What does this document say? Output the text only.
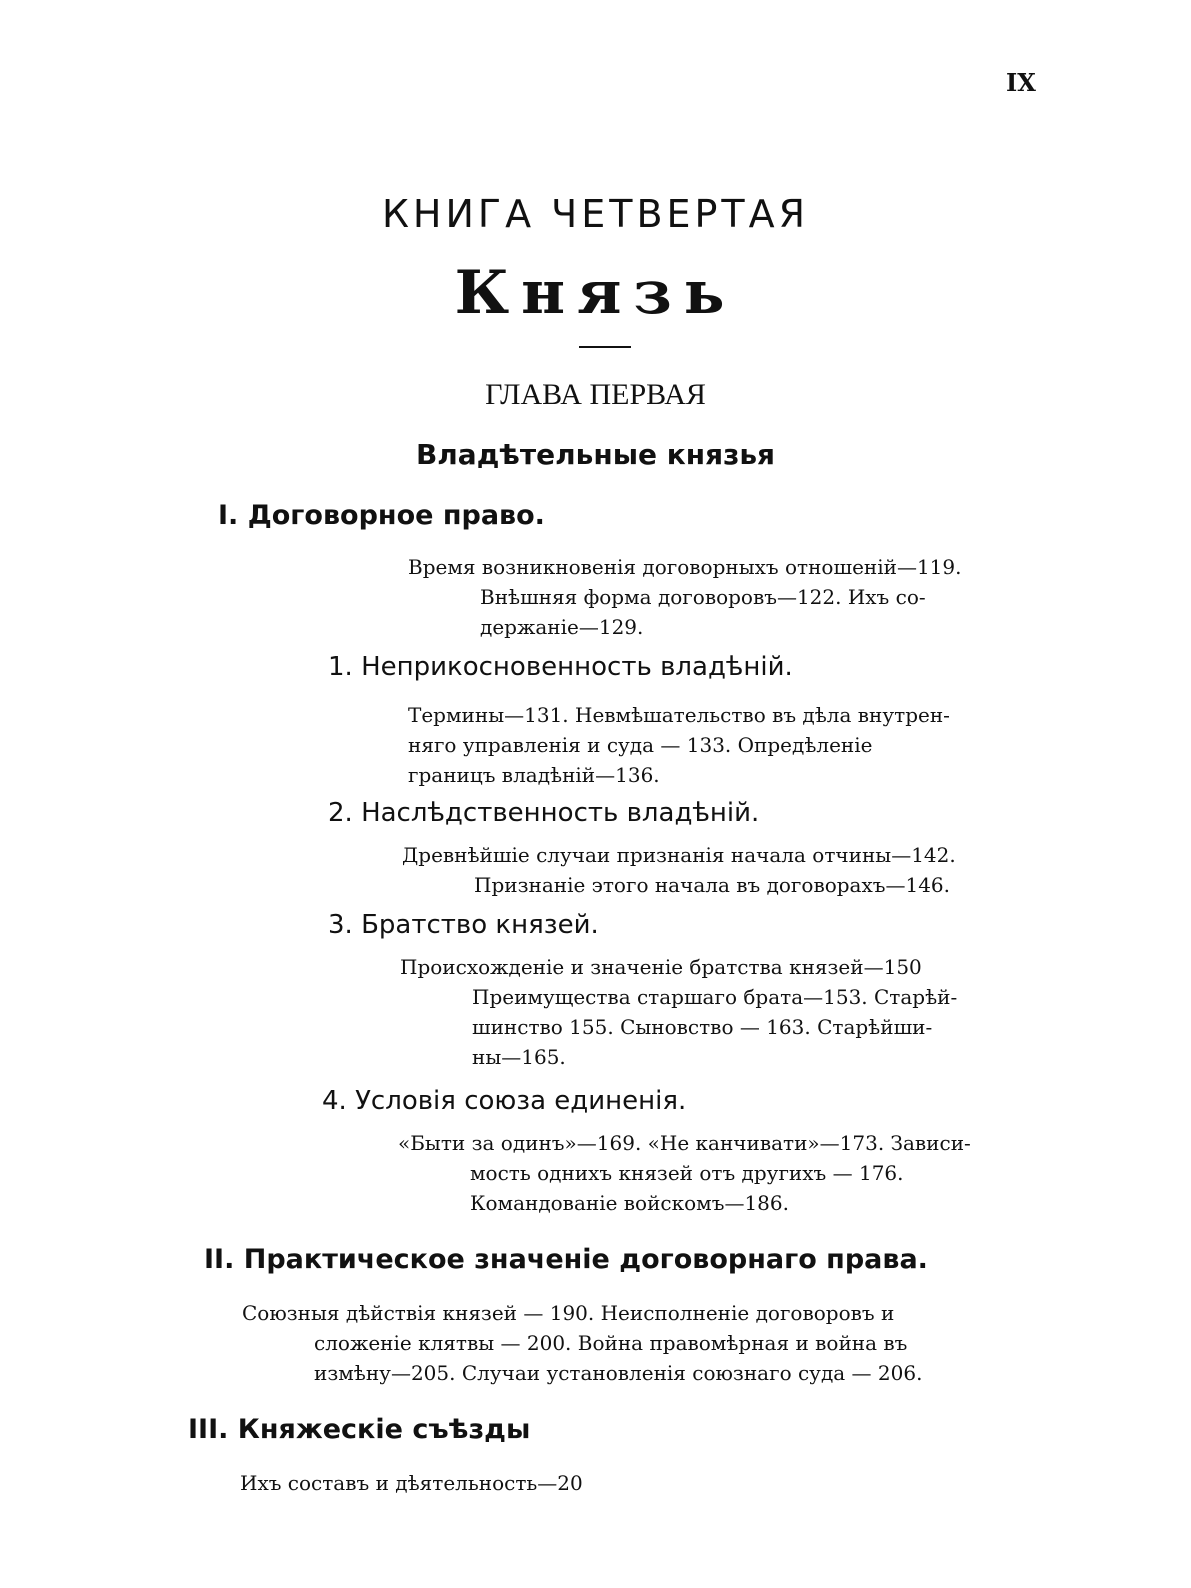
IX
КНИГА ЧЕТВЕРТАЯ
Князь
ГЛАВА ПЕРВАЯ
Владѣтельные князья
I. Договорное право.
Время возникновенія договорныхъ отношеній—119.
Внѣшняя форма договоровъ—122. Ихъ со-
держаніе—129.
1. Неприкосновенность владѣній.
Термины—131. Невмѣшательство въ дѣла внутрен-
няго управленія и суда — 133. Опредѣленіе
границъ владѣній—136.
2. Наслѣдственность владѣній.
Древнѣйшіе случаи признанія начала отчины—142.
Признаніе этого начала въ договорахъ—146.
3. Братство князей.
Происхожденіе и значеніе братства князей—150
Преимущества старшаго брата—153. Старѣй-
шинство 155. Сыновство — 163. Старѣйши-
ны—165.
4. Условія союза единенія.
«Быти за одинъ»—169. «Не канчивати»—173. Зависи-
мость однихъ князей отъ другихъ — 176.
Командованіе войскомъ—186.
II. Практическое значеніе договорнаго права.
Союзныя дѣйствія князей — 190. Неисполненіе договоровъ и
сложеніе клятвы — 200. Война правомѣрная и война въ
измѣну—205. Случаи установленія союзнаго суда — 206.
III. Княжескіе съѣзды
Ихъ составъ и дѣятельность—20
